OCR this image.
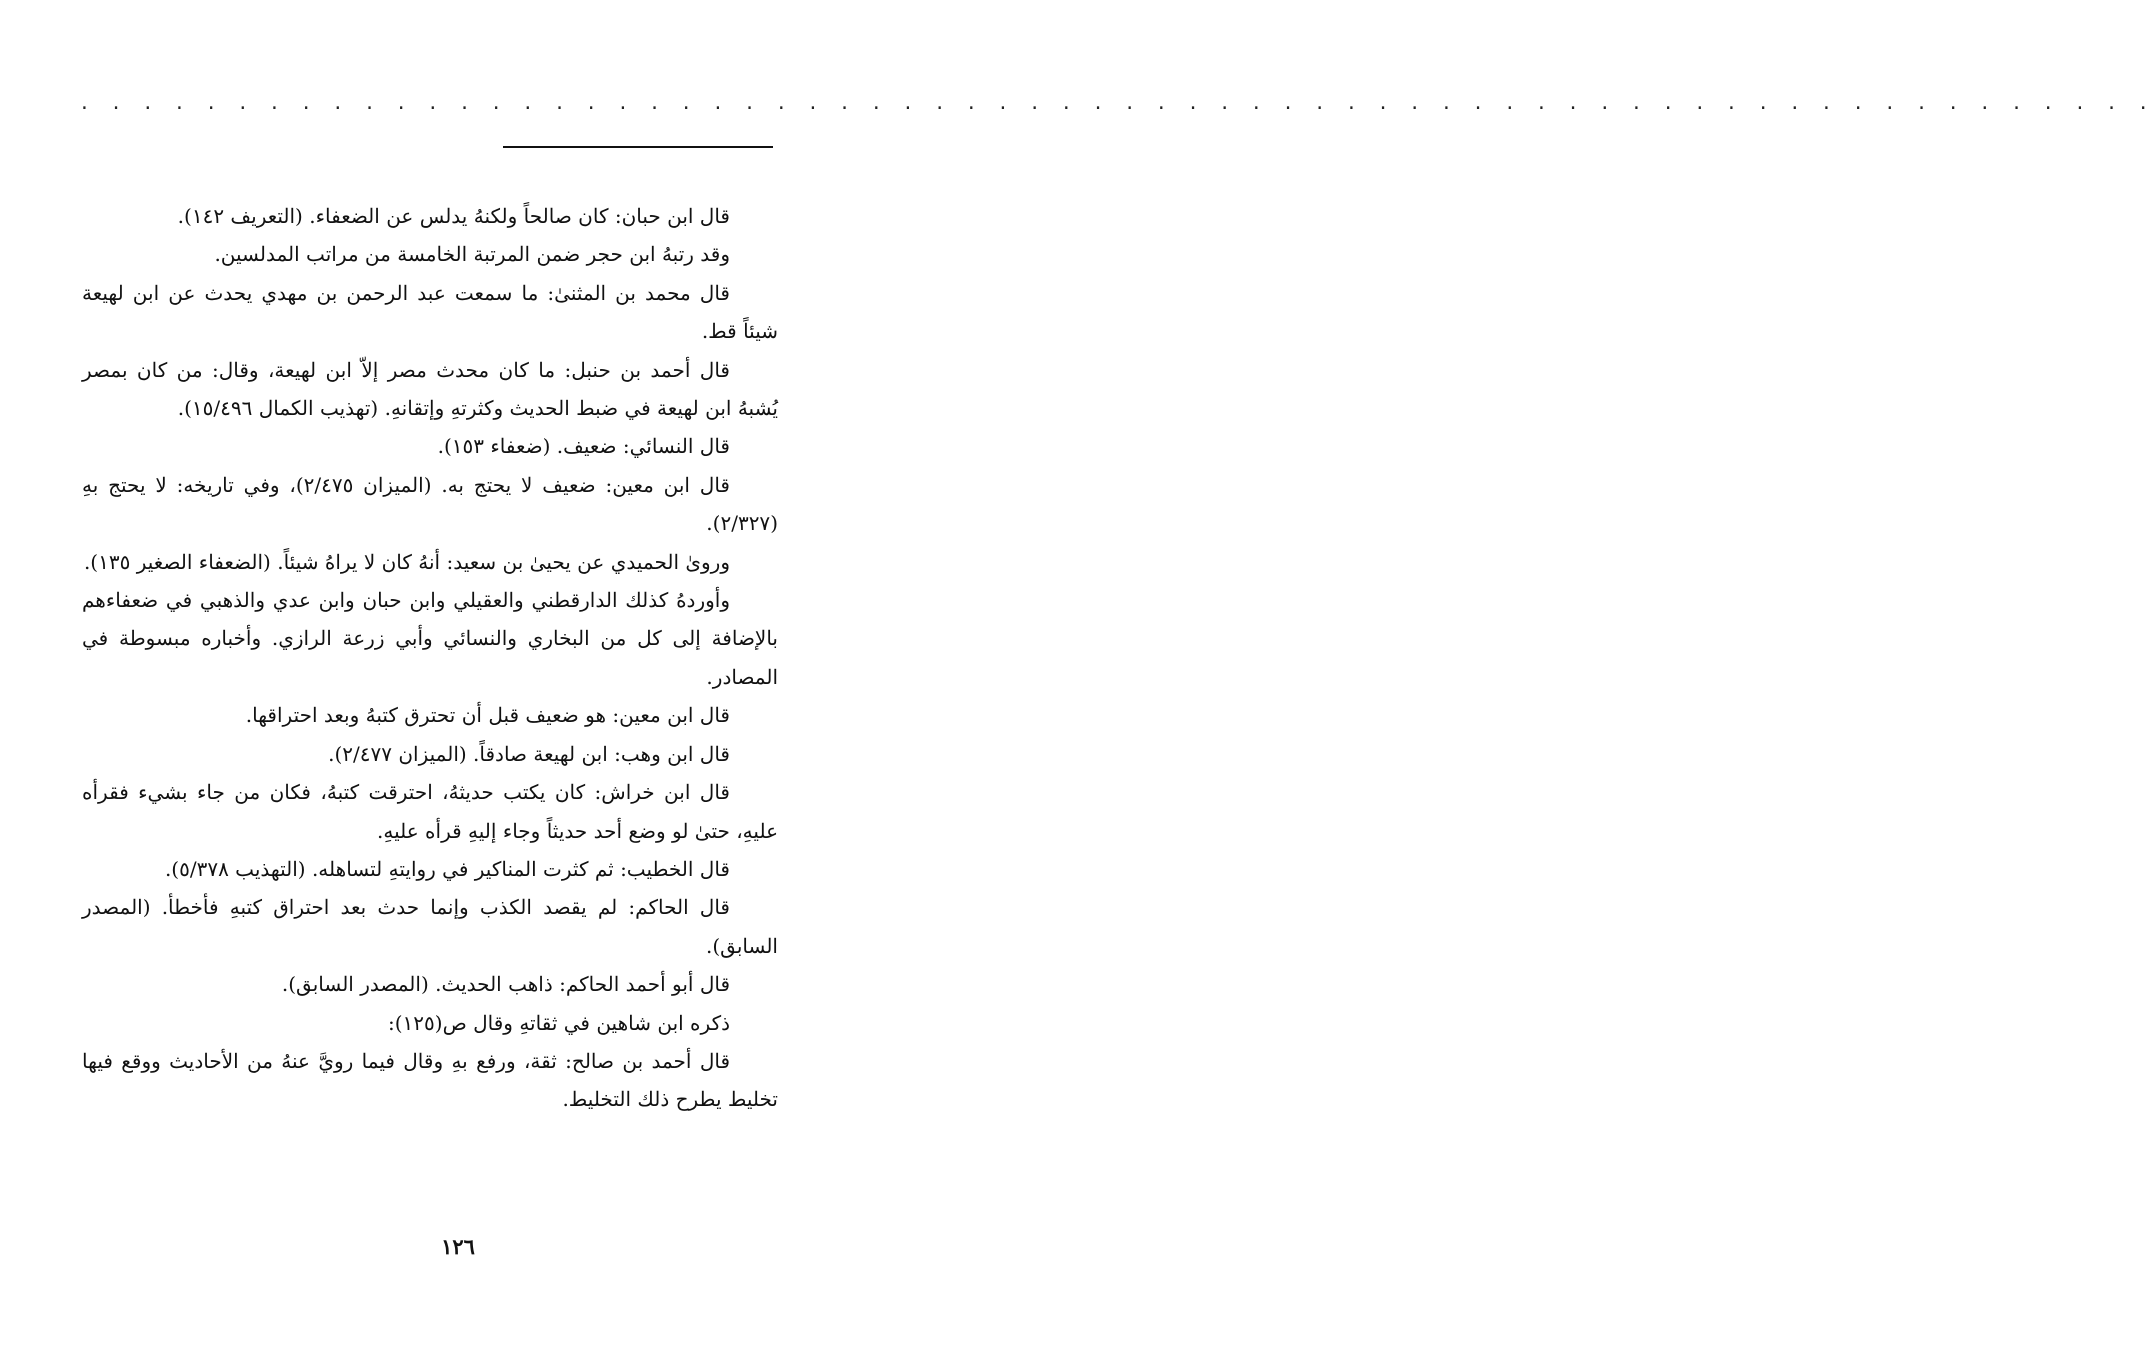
. . . . . . . . . . . . . . . . . . . . . . . . . . . . . . . . . . . . . . . . . . . . . . . . . . . . . . . . . . . . . . . . . .

قال ابن حبان: كان صالحاً ولكنهُ يدلس عن الضعفاء. (التعريف ١٤٢).

وقد رتبهُ ابن حجر ضمن المرتبة الخامسة من مراتب المدلسين.

قال محمد بن المثنىٰ: ما سمعت عبد الرحمن بن مهدي يحدث عن ابن لهيعة شيئاً قط.

قال أحمد بن حنبل: ما كان محدث مصر إلاّ ابن لهيعة، وقال: من كان بمصر يُشبهُ ابن لهيعة في ضبط الحديث وكثرتهِ وإتقانهِ. (تهذيب الكمال ١٥/٤٩٦).

قال النسائي: ضعيف. (ضعفاء ١٥٣).

قال ابن معين: ضعيف لا يحتج به. (الميزان ٢/٤٧٥)، وفي تاريخه: لا يحتج بهِ (٢/٣٢٧).

وروىٰ الحميدي عن يحيىٰ بن سعيد: أنهُ كان لا يراهُ شيئاً. (الضعفاء الصغير ١٣٥).

وأوردهُ كذلك الدارقطني والعقيلي وابن حبان وابن عدي والذهبي في ضعفاءهم بالإضافة إلى كل من البخاري والنسائي وأبي زرعة الرازي. وأخباره مبسوطة في المصادر.

قال ابن معين: هو ضعيف قبل أن تحترق كتبهُ وبعد احتراقها.

قال ابن وهب: ابن لهيعة صادقاً. (الميزان ٢/٤٧٧).

قال ابن خراش: كان يكتب حديثهُ، احترقت كتبهُ، فكان من جاء بشيء فقرأه عليهِ، حتىٰ لو وضع أحد حديثاً وجاء إليهِ قرأه عليهِ.

قال الخطيب: ثم كثرت المناكير في روايتهِ لتساهله. (التهذيب ٥/٣٧٨).

قال الحاكم: لم يقصد الكذب وإنما حدث بعد احتراق كتبهِ فأخطأ. (المصدر السابق).

قال أبو أحمد الحاكم: ذاهب الحديث. (المصدر السابق).

ذكره ابن شاهين في ثقاتهِ وقال ص(١٢٥):

قال أحمد بن صالح: ثقة، ورفع بهِ وقال فيما رويَّ عنهُ من الأحاديث ووقع فيها تخليط يطرح ذلك التخليط.

١٢٦
